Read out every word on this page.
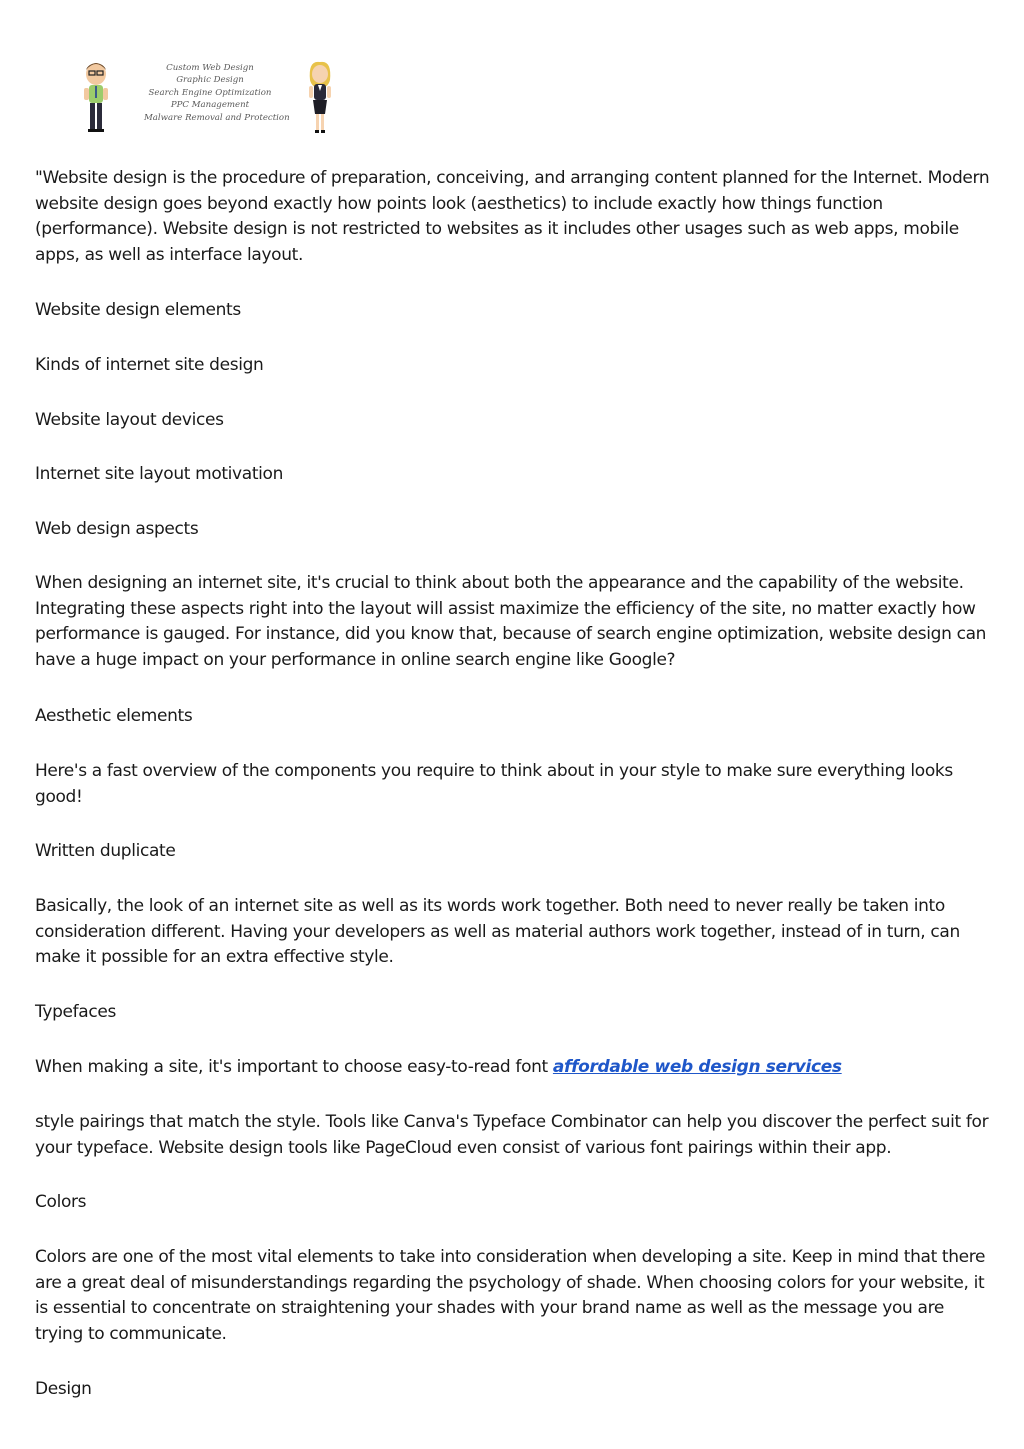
Custom Web Design
Graphic Design
Search Engine Optimization
PPC Management
Malware Removal and Protection

"Website design is the procedure of preparation, conceiving, and arranging content planned for the Internet. Modern website design goes beyond exactly how points look (aesthetics) to include exactly how things function (performance). Website design is not restricted to websites as it includes other usages such as web apps, mobile apps, as well as interface layout.

Website design elements

Kinds of internet site design

Website layout devices

Internet site layout motivation

Web design aspects

When designing an internet site, it's crucial to think about both the appearance and the capability of the website. Integrating these aspects right into the layout will assist maximize the efficiency of the site, no matter exactly how performance is gauged. For instance, did you know that, because of search engine optimization, website design can have a huge impact on your performance in online search engine like Google?

Aesthetic elements

Here's a fast overview of the components you require to think about in your style to make sure everything looks good!

Written duplicate

Basically, the look of an internet site as well as its words work together. Both need to never really be taken into consideration different. Having your developers as well as material authors work together, instead of in turn, can make it possible for an extra effective style.

Typefaces

When making a site, it's important to choose easy-to-read font affordable web design services

style pairings that match the style. Tools like Canva's Typeface Combinator can help you discover the perfect suit for your typeface. Website design tools like PageCloud even consist of various font pairings within their app.

Colors

Colors are one of the most vital elements to take into consideration when developing a site. Keep in mind that there are a great deal of misunderstandings regarding the psychology of shade. When choosing colors for your website, it is essential to concentrate on straightening your shades with your brand name as well as the message you are trying to communicate.

Design
